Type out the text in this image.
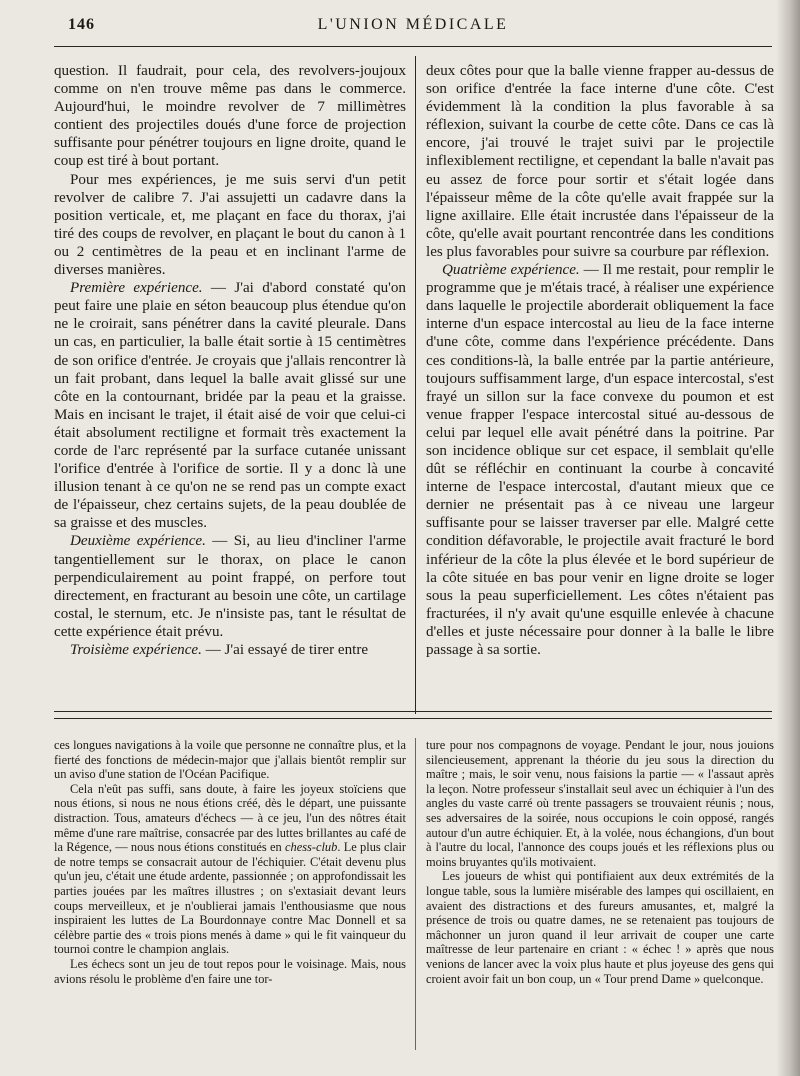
146	L'UNION MÉDICALE

question. Il faudrait, pour cela, des revolvers-joujoux comme on n'en trouve même pas dans le commerce. Aujourd'hui, le moindre revolver de 7 millimètres contient des projectiles doués d'une force de projection suffisante pour pénétrer toujours en ligne droite, quand le coup est tiré à bout portant.

Pour mes expériences, je me suis servi d'un petit revolver de calibre 7. J'ai assujetti un cadavre dans la position verticale, et, me plaçant en face du thorax, j'ai tiré des coups de revolver, en plaçant le bout du canon à 1 ou 2 centimètres de la peau et en inclinant l'arme de diverses manières.

Première expérience. — J'ai d'abord constaté qu'on peut faire une plaie en séton beaucoup plus étendue qu'on ne le croirait, sans pénétrer dans la cavité pleurale. Dans un cas, en particulier, la balle était sortie à 15 centimètres de son orifice d'entrée. Je croyais que j'allais rencontrer là un fait probant, dans lequel la balle avait glissé sur une côte en la contournant, bridée par la peau et la graisse. Mais en incisant le trajet, il était aisé de voir que celui-ci était absolument rectiligne et formait très exactement la corde de l'arc représenté par la surface cutanée unissant l'orifice d'entrée à l'orifice de sortie. Il y a donc là une illusion tenant à ce qu'on ne se rend pas un compte exact de l'épaisseur, chez certains sujets, de la peau doublée de sa graisse et des muscles.

Deuxième expérience. — Si, au lieu d'incliner l'arme tangentiellement sur le thorax, on place le canon perpendiculairement au point frappé, on perfore tout directement, en fracturant au besoin une côte, un cartilage costal, le sternum, etc. Je n'insiste pas, tant le résultat de cette expérience était prévu.

Troisième expérience. — J'ai essayé de tirer entre

deux côtes pour que la balle vienne frapper au-dessus de son orifice d'entrée la face interne d'une côte. C'est évidemment là la condition la plus favorable à sa réflexion, suivant la courbe de cette côte. Dans ce cas là encore, j'ai trouvé le trajet suivi par le projectile inflexiblement rectiligne, et cependant la balle n'avait pas eu assez de force pour sortir et s'était logée dans l'épaisseur même de la côte qu'elle avait frappée sur la ligne axillaire. Elle était incrustée dans l'épaisseur de la côte, qu'elle avait pourtant rencontrée dans les conditions les plus favorables pour suivre sa courbure par réflexion.

Quatrième expérience. — Il me restait, pour remplir le programme que je m'étais tracé, à réaliser une expérience dans laquelle le projectile aborderait obliquement la face interne d'un espace intercostal au lieu de la face interne d'une côte, comme dans l'expérience précédente. Dans ces conditions-là, la balle entrée par la partie antérieure, toujours suffisamment large, d'un espace intercostal, s'est frayé un sillon sur la face convexe du poumon et est venue frapper l'espace intercostal situé au-dessous de celui par lequel elle avait pénétré dans la poitrine. Par son incidence oblique sur cet espace, il semblait qu'elle dût se réfléchir en continuant la courbe à concavité interne de l'espace intercostal, d'autant mieux que ce dernier ne présentait pas à ce niveau une largeur suffisante pour se laisser traverser par elle. Malgré cette condition défavorable, le projectile avait fracturé le bord inférieur de la côte la plus élevée et le bord supérieur de la côte située en bas pour venir en ligne droite se loger sous la peau superficiellement. Les côtes n'étaient pas fracturées, il n'y avait qu'une esquille enlevée à chacune d'elles et juste nécessaire pour donner à la balle le libre passage à sa sortie.

ces longues navigations à la voile que personne ne connaître plus, et la fierté des fonctions de médecin-major que j'allais bientôt remplir sur un aviso d'une station de l'Océan Pacifique.

Cela n'eût pas suffi, sans doute, à faire les joyeux stoïciens que nous étions, si nous ne nous étions créé, dès le départ, une puissante distraction. Tous, amateurs d'échecs — à ce jeu, l'un des nôtres était même d'une rare maîtrise, consacrée par des luttes brillantes au café de la Régence, — nous nous étions constitués en chess-club. Le plus clair de notre temps se consacrait autour de l'échiquier. C'était devenu plus qu'un jeu, c'était une étude ardente, passionnée ; on approfondissait les parties jouées par les maîtres illustres ; on s'extasiait devant leurs coups merveilleux, et je n'oublierai jamais l'enthousiasme que nous inspiraient les luttes de La Bourdonnaye contre Mac Donnell et sa célèbre partie des « trois pions menés à dame » qui le fit vainqueur du tournoi contre le champion anglais.

Les échecs sont un jeu de tout repos pour le voisinage. Mais, nous avions résolu le problème d'en faire une tor-

ture pour nos compagnons de voyage. Pendant le jour, nous jouions silencieusement, apprenant la théorie du jeu sous la direction du maître ; mais, le soir venu, nous faisions la partie — « l'assaut après la leçon. Notre professeur s'installait seul avec un échiquier à l'un des angles du vaste carré où trente passagers se trouvaient réunis ; nous, ses adversaires de la soirée, nous occupions le coin opposé, rangés autour d'un autre échiquier. Et, à la volée, nous échangions, d'un bout à l'autre du local, l'annonce des coups joués et les réflexions plus ou moins bruyantes qu'ils motivaient.

Les joueurs de whist qui pontifiaient aux deux extrémités de la longue table, sous la lumière misérable des lampes qui oscillaient, en avaient des distractions et des fureurs amusantes, et, malgré la présence de trois ou quatre dames, ne se retenaient pas toujours de mâchonner un juron quand il leur arrivait de couper une carte maîtresse de leur partenaire en criant : « échec ! » après que nous venions de lancer avec la voix plus haute et plus joyeuse des gens qui croient avoir fait un bon coup, un « Tour prend Dame » quelconque.
